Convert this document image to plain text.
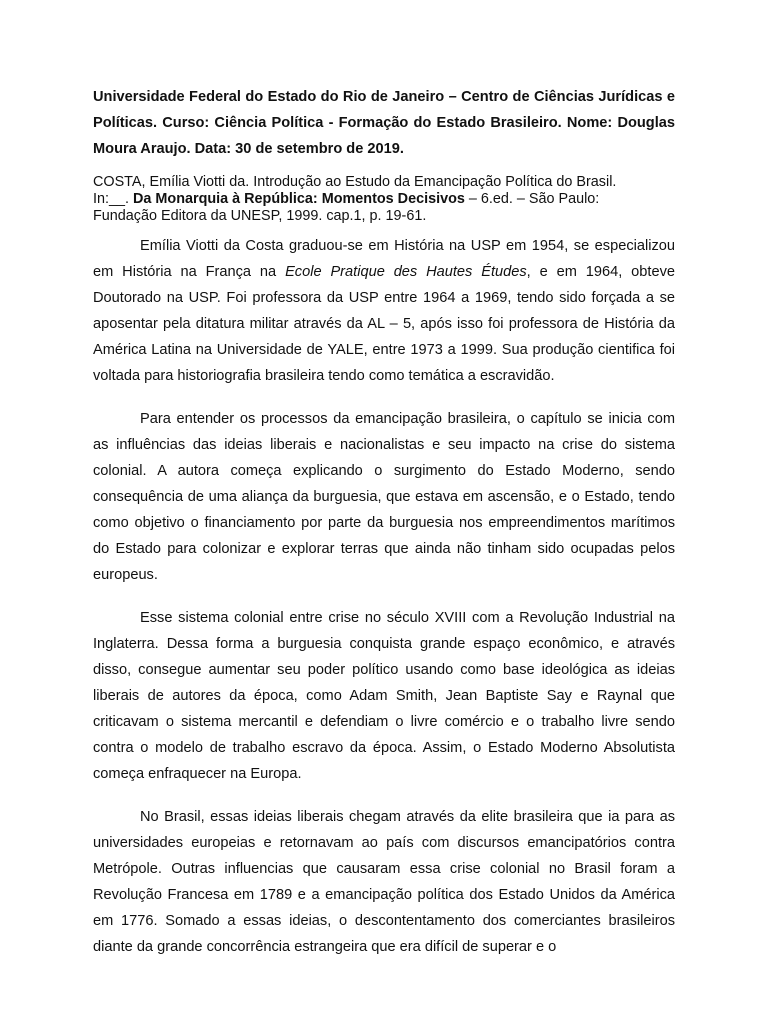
Universidade Federal do Estado do Rio de Janeiro – Centro de Ciências Jurídicas e Políticas. Curso: Ciência Política - Formação do Estado Brasileiro. Nome: Douglas Moura Araujo. Data: 30 de setembro de 2019.

COSTA, Emília Viotti da. Introdução ao Estudo da Emancipação Política do Brasil.
In:__. Da Monarquia à República: Momentos Decisivos – 6.ed. – São Paulo:
Fundação Editora da UNESP, 1999. cap.1, p. 19-61.

Emília Viotti da Costa graduou-se em História na USP em 1954, se especializou em História na França na Ecole Pratique des Hautes Études, e em 1964, obteve Doutorado na USP. Foi professora da USP entre 1964 a 1969, tendo sido forçada a se aposentar pela ditatura militar através da AL – 5, após isso foi professora de História da América Latina na Universidade de YALE, entre 1973 a 1999. Sua produção cientifica foi voltada para historiografia brasileira tendo como temática a escravidão.

Para entender os processos da emancipação brasileira, o capítulo se inicia com as influências das ideias liberais e nacionalistas e seu impacto na crise do sistema colonial. A autora começa explicando o surgimento do Estado Moderno, sendo consequência de uma aliança da burguesia, que estava em ascensão, e o Estado, tendo como objetivo o financiamento por parte da burguesia nos empreendimentos marítimos do Estado para colonizar e explorar terras que ainda não tinham sido ocupadas pelos europeus.

Esse sistema colonial entre crise no século XVIII com a Revolução Industrial na Inglaterra. Dessa forma a burguesia conquista grande espaço econômico, e através disso, consegue aumentar seu poder político usando como base ideológica as ideias liberais de autores da época, como Adam Smith, Jean Baptiste Say e Raynal que criticavam o sistema mercantil e defendiam o livre comércio e o trabalho livre sendo contra o modelo de trabalho escravo da época. Assim, o Estado Moderno Absolutista começa enfraquecer na Europa.

No Brasil, essas ideias liberais chegam através da elite brasileira que ia para as universidades europeias e retornavam ao país com discursos emancipatórios contra Metrópole. Outras influencias que causaram essa crise colonial no Brasil foram a Revolução Francesa em 1789 e a emancipação política dos Estado Unidos da América em 1776. Somado a essas ideias, o descontentamento dos comerciantes brasileiros diante da grande concorrência estrangeira que era difícil de superar e o
